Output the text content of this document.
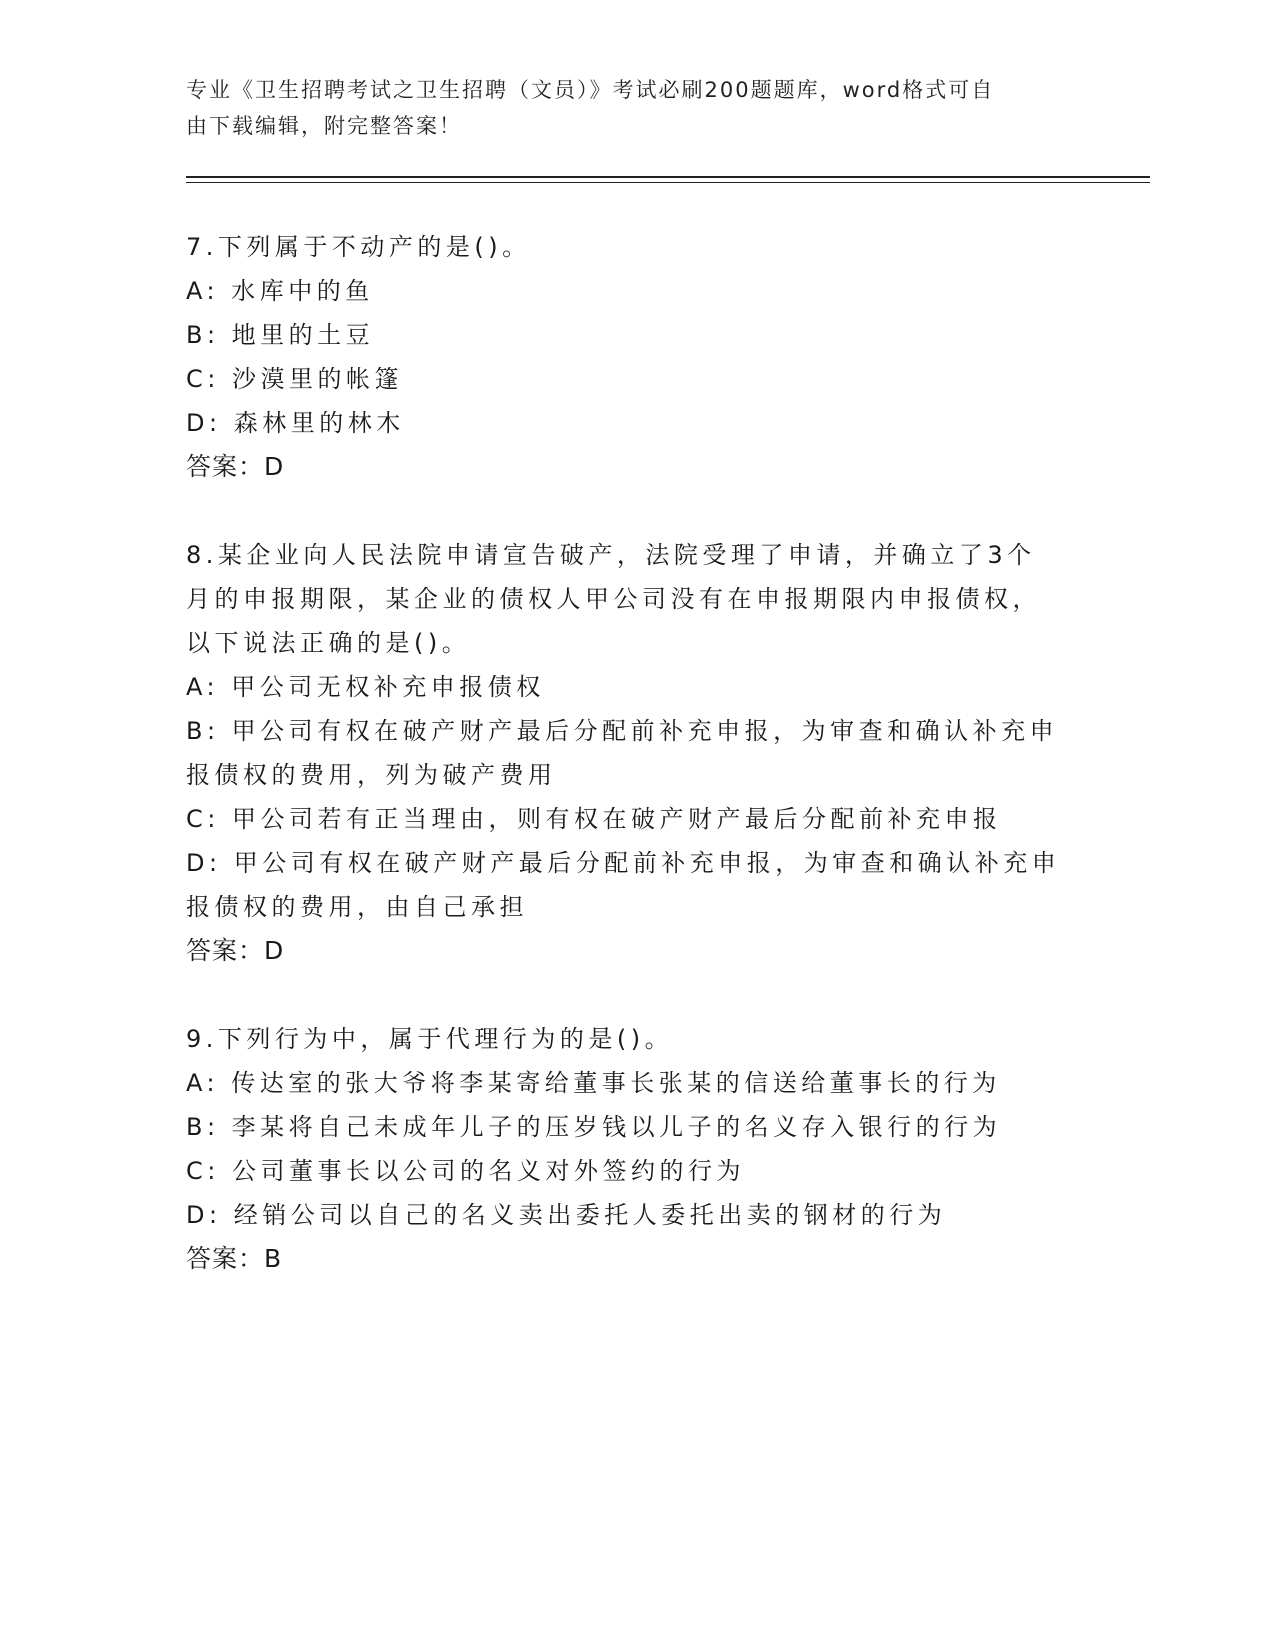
专业《卫生招聘考试之卫生招聘（文员）》考试必刷200题题库，word格式可自
由下载编辑，附完整答案！
7.下列属于不动产的是()。
A: 水库中的鱼
B: 地里的土豆
C: 沙漠里的帐篷
D: 森林里的林木
答案：D
8.某企业向人民法院申请宣告破产，法院受理了申请，并确立了3个
月的申报期限，某企业的债权人甲公司没有在申报期限内申报债权，
以下说法正确的是()。
A: 甲公司无权补充申报债权
B: 甲公司有权在破产财产最后分配前补充申报，为审查和确认补充申
报债权的费用，列为破产费用
C: 甲公司若有正当理由，则有权在破产财产最后分配前补充申报
D: 甲公司有权在破产财产最后分配前补充申报，为审查和确认补充申
报债权的费用，由自己承担
答案：D
9.下列行为中，属于代理行为的是()。
A: 传达室的张大爷将李某寄给董事长张某的信送给董事长的行为
B: 李某将自己未成年儿子的压岁钱以儿子的名义存入银行的行为
C: 公司董事长以公司的名义对外签约的行为
D: 经销公司以自己的名义卖出委托人委托出卖的钢材的行为
答案：B
